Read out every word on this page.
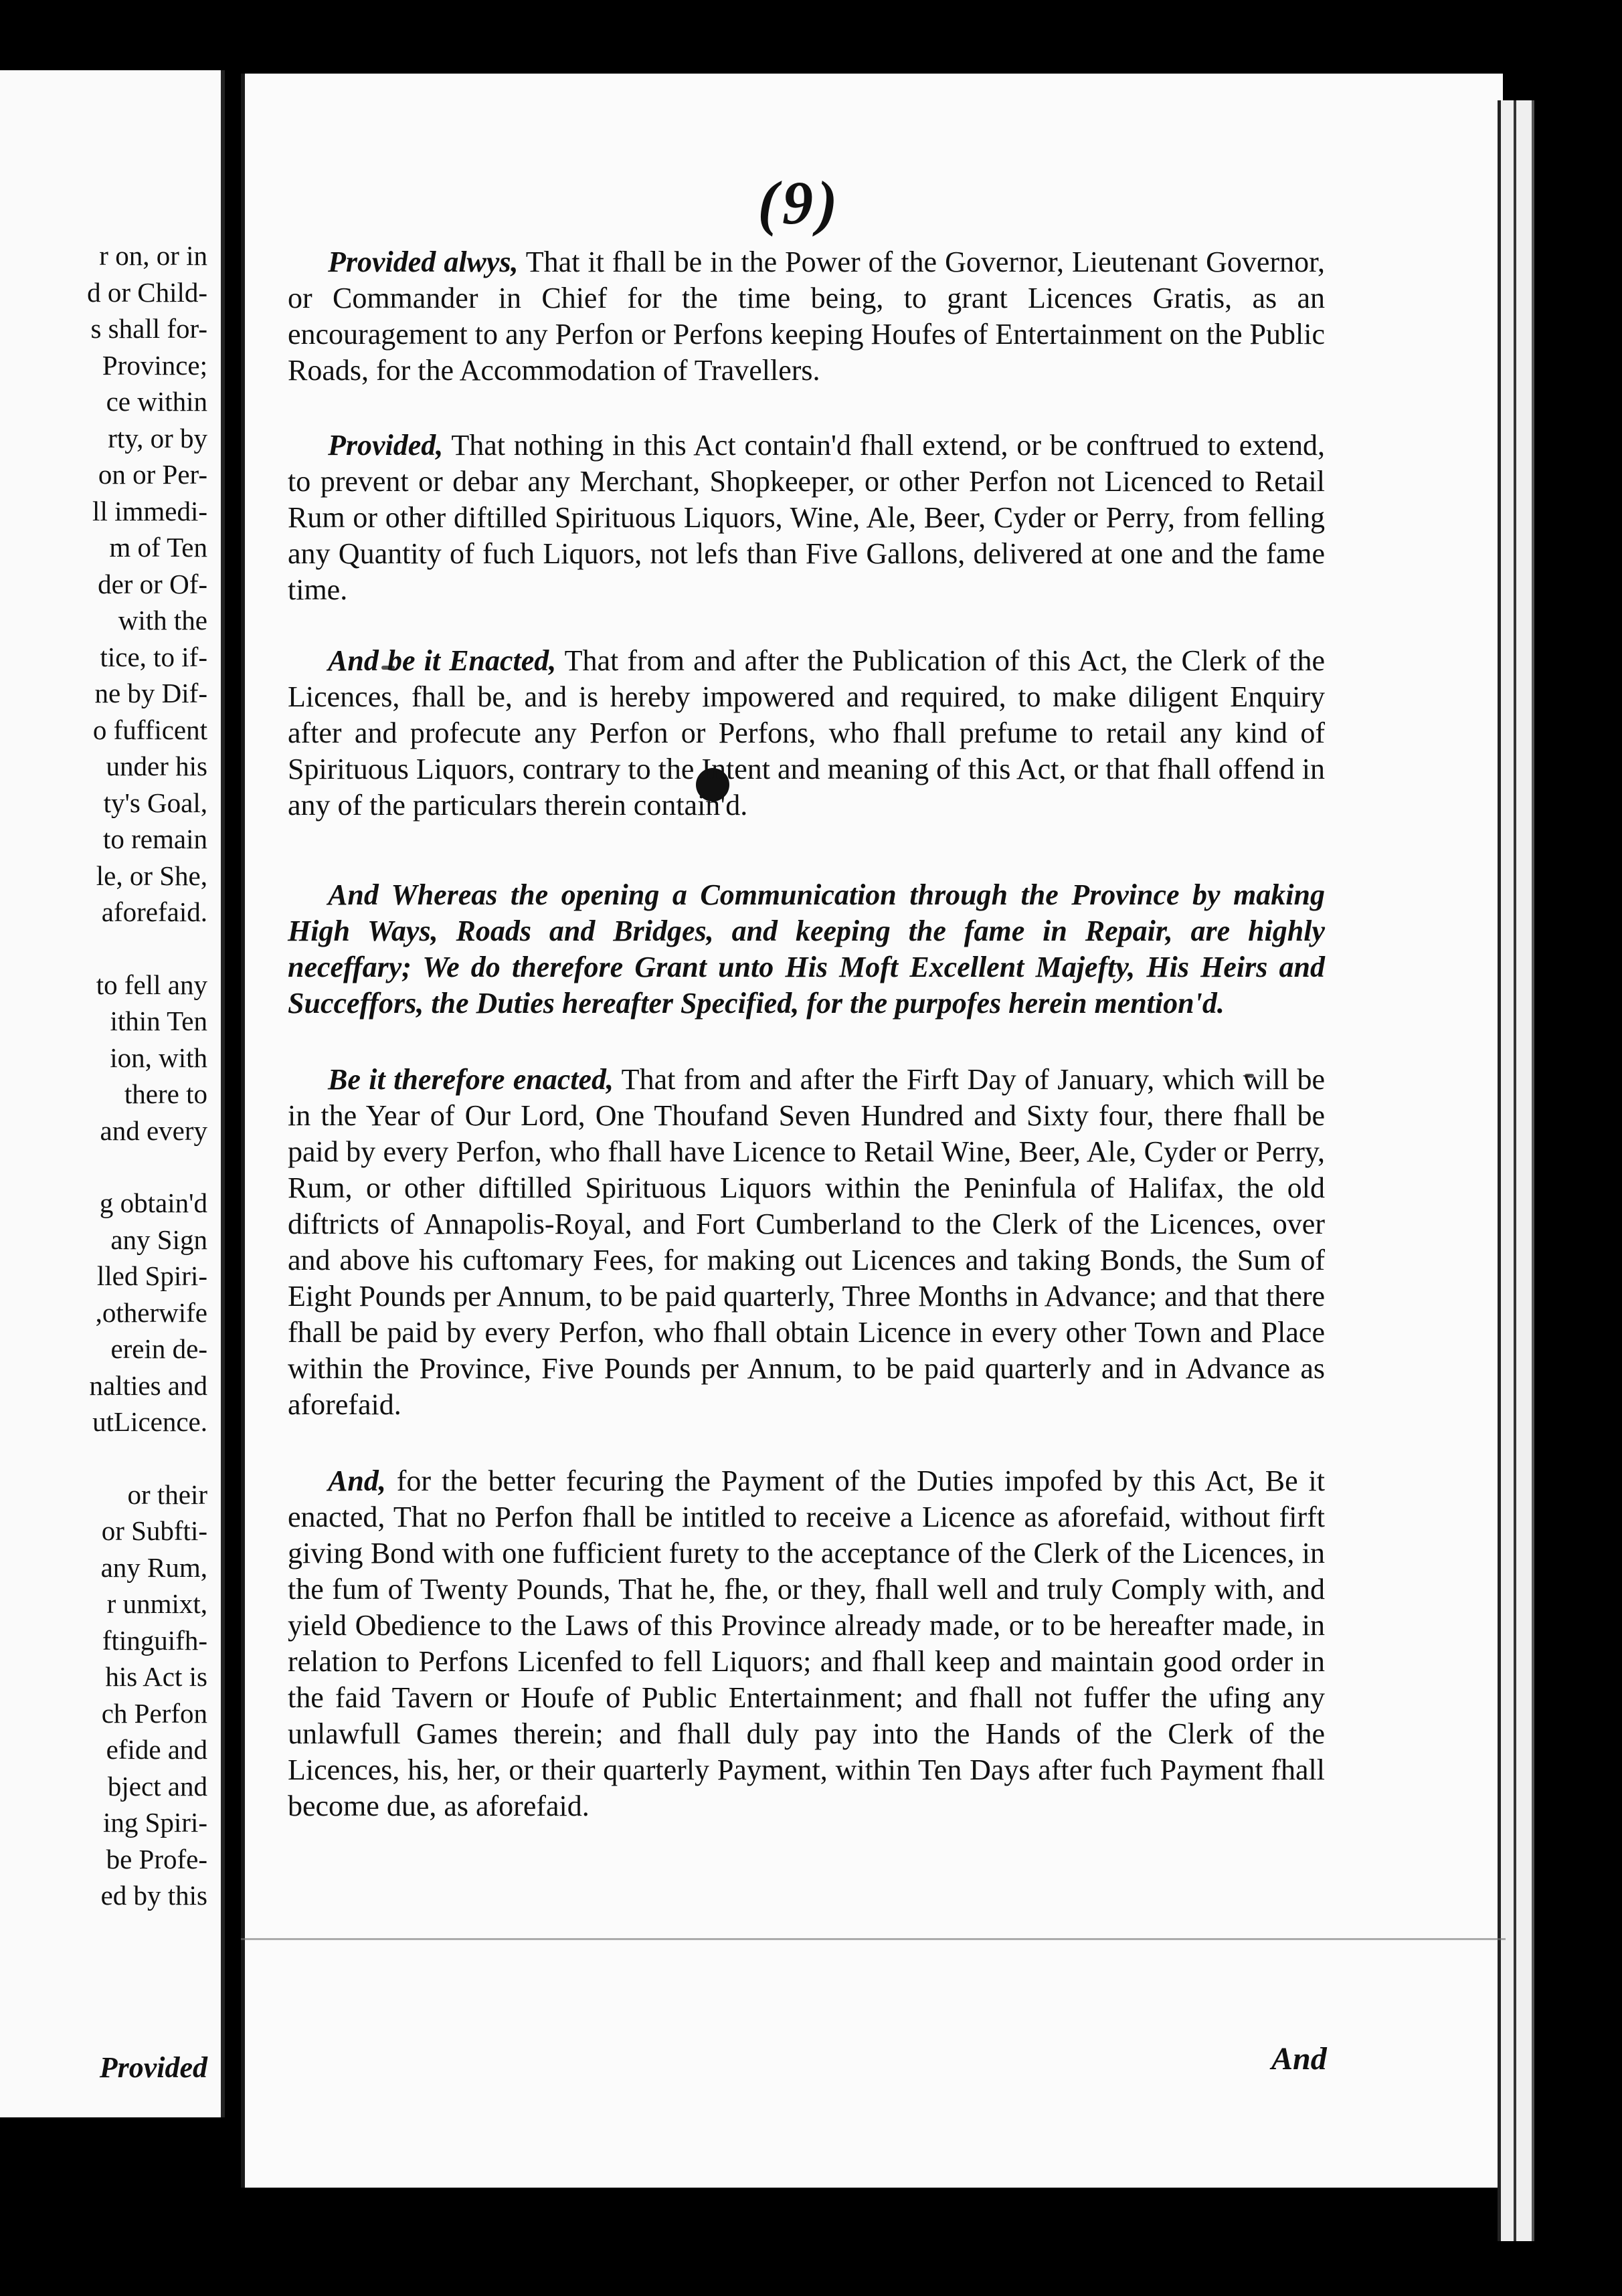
r on, or in
d or Child-
s shall for-
Province;
ce within
rty, or by
on or Per-
ll immedi-
m of Ten
der or Of-
with the
tice, to if-
ne by Dif-
o fufficent
under his
ty's Goal,
to remain
le, or She,
aforefaid.
to fell any
ithin Ten
ion, with
there to
and every
g obtain'd
any Sign
lled Spiri-
,otherwife
erein de-
nalties and
utLicence.
or their
or Subfti-
any Rum,
r unmixt,
ftinguifh-
his Act is
ch Perfon
efide and
bject and
ing Spiri-
be Profe-
ed by this
Provided
(9)

Provided alwys, That it fhall be in the Power of the Governor, Lieutenant Governor, or Commander in Chief for the time being, to grant Licences Gratis, as an encouragement to any Perfon or Perfons keeping Houfes of Entertainment on the Public Roads, for the Accommodation of Travellers.

Provided, That nothing in this Act contain'd fhall extend, or be conftrued to extend, to prevent or debar any Merchant, Shopkeeper, or other Perfon not Licenced to Retail Rum or other diftilled Spirituous Liquors, Wine, Ale, Beer, Cyder or Perry, from felling any Quantity of fuch Liquors, not lefs than Five Gallons, delivered at one and the fame time.

And be it Enacted, That from and after the Publication of this Act, the Clerk of the Licences, fhall be, and is hereby impowered and required, to make diligent Enquiry after and profecute any Perfon or Perfons, who fhall prefume to retail any kind of Spirituous Liquors, contrary to the Intent and meaning of this Act, or that fhall offend in any of the particulars therein contain'd.

And Whereas the opening a Communication through the Province by making High Ways, Roads and Bridges, and keeping the fame in Repair, are highly neceffary; We do therefore Grant unto His Moft Excellent Majefty, His Heirs and Succeffors, the Duties hereafter Specified, for the purpofes herein mention'd.

Be it therefore enacted, That from and after the Firft Day of January, which will be in the Year of Our Lord, One Thoufand Seven Hundred and Sixty four, there fhall be paid by every Perfon, who fhall have Licence to Retail Wine, Beer, Ale, Cyder or Perry, Rum, or other diftilled Spirituous Liquors within the Peninfula of Halifax, the old diftricts of Annapolis-Royal, and Fort Cumberland to the Clerk of the Licences, over and above his cuftomary Fees, for making out Licences and taking Bonds, the Sum of Eight Pounds per Annum, to be paid quarterly, Three Months in Advance; and that there fhall be paid by every Perfon, who fhall obtain Licence in every other Town and Place within the Province, Five Pounds per Annum, to be paid quarterly and in Advance as aforefaid.

And, for the better fecuring the Payment of the Duties impofed by this Act, Be it enacted, That no Perfon fhall be intitled to receive a Licence as aforefaid, without firft giving Bond with one fufficient furety to the acceptance of the Clerk of the Licences, in the fum of Twenty Pounds, That he, fhe, or they, fhall well and truly Comply with, and yield Obedience to the Laws of this Province already made, or to be hereafter made, in relation to Perfons Licenfed to fell Liquors; and fhall keep and maintain good order in the faid Tavern or Houfe of Public Entertainment; and fhall not fuffer the ufing any unlawfull Games therein; and fhall duly pay into the Hands of the Clerk of the Licences, his, her, or their quarterly Payment, within Ten Days after fuch Payment fhall become due, as aforefaid.

And
